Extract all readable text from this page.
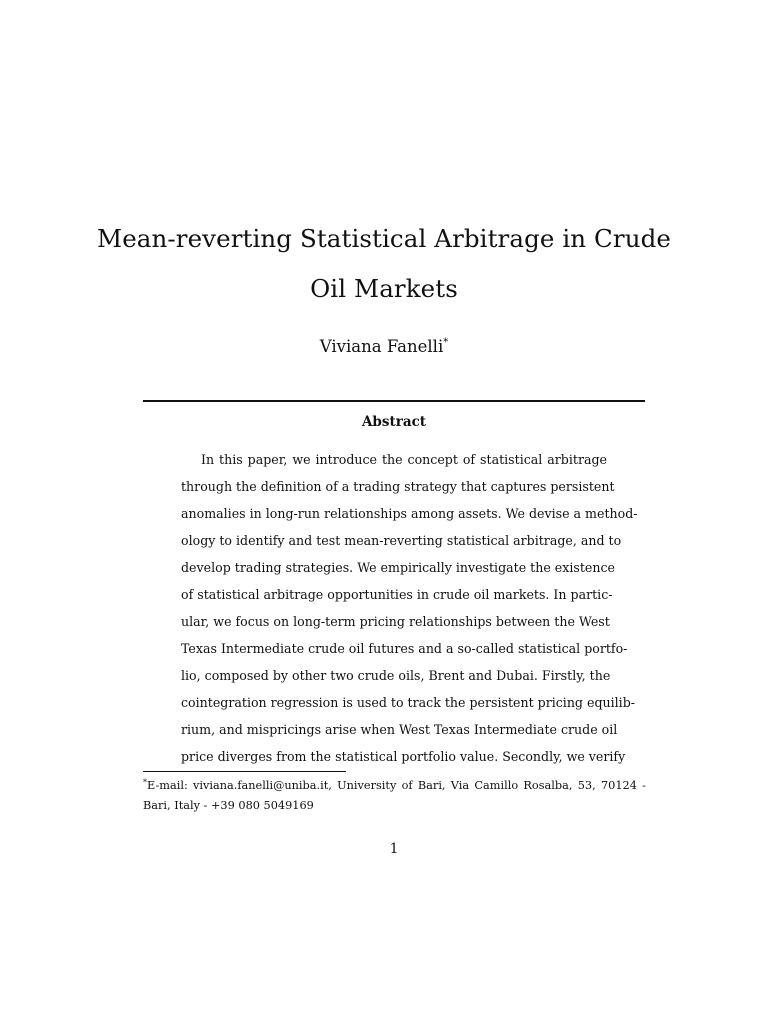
Mean-reverting Statistical Arbitrage in Crude
Oil Markets
Viviana Fanelli*
Abstract
In this paper, we introduce the concept of statistical arbitrage
through the definition of a trading strategy that captures persistent
anomalies in long-run relationships among assets. We devise a method-
ology to identify and test mean-reverting statistical arbitrage, and to
develop trading strategies. We empirically investigate the existence
of statistical arbitrage opportunities in crude oil markets. In partic-
ular, we focus on long-term pricing relationships between the West
Texas Intermediate crude oil futures and a so-called statistical portfo-
lio, composed by other two crude oils, Brent and Dubai. Firstly, the
cointegration regression is used to track the persistent pricing equilib-
rium, and mispricings arise when West Texas Intermediate crude oil
price diverges from the statistical portfolio value. Secondly, we verify
*E-mail: viviana.fanelli@uniba.it, University of Bari, Via Camillo Rosalba, 53, 70124 -
Bari, Italy - +39 080 5049169
1
